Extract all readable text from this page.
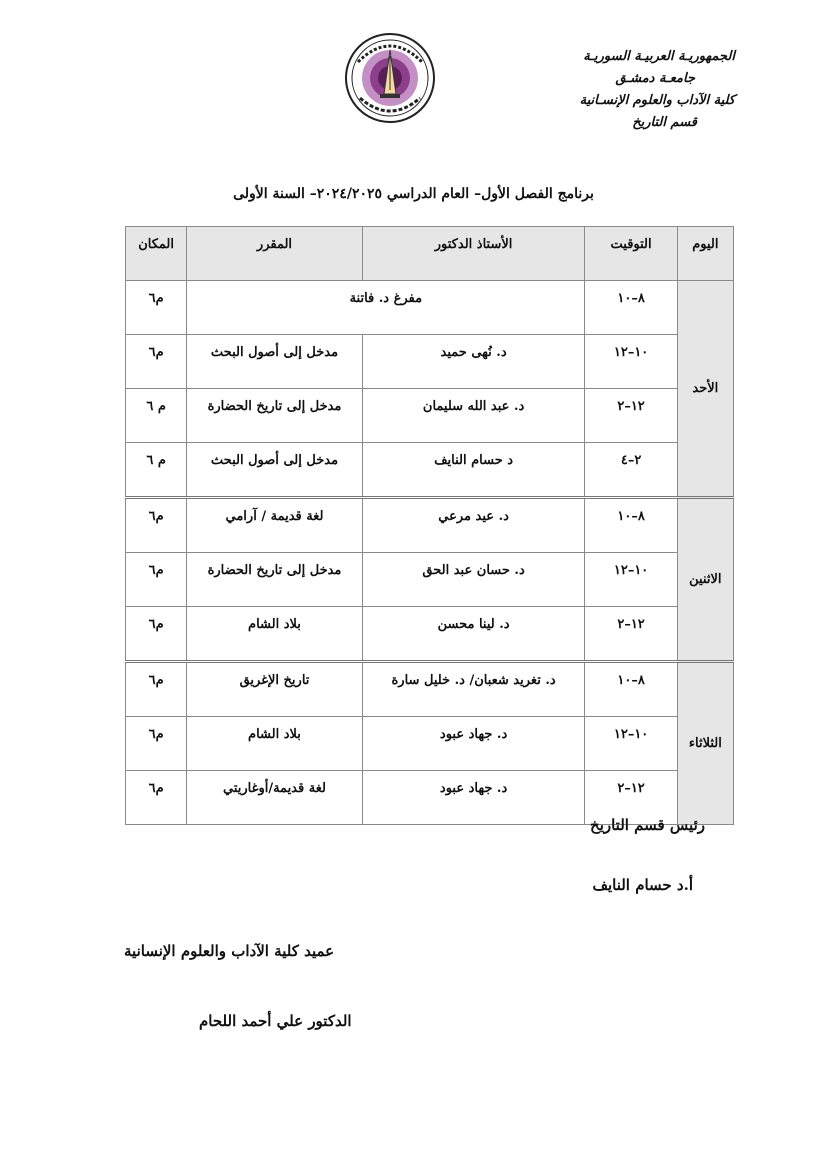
الجمهوريـة العربيـة السوريـة
جامعـة دمشـق
كلية الآداب والعلوم الإنسـانية
قسم التاريخ
برنامج الفصل الأول– العام الدراسي ٢٠٢٤/٢٠٢٥– السنة الأولى
اليوم	التوقيت	الأستاذ الدكتور	المقرر	المكان
الأحد	٨–١٠	مفرغ د. فاتنة		م٦
	١٠–١٢	د. نُهى حميد	مدخل إلى أصول البحث	م٦
	١٢–٢	د. عبد الله سليمان	مدخل إلى تاريخ الحضارة	م ٦
	٢–٤	د حسام النايف	مدخل إلى أصول البحث	م ٦
الاثنين	٨–١٠	د. عيد مرعي	لغة قديمة / آرامي	م٦
	١٠–١٢	د. حسان عبد الحق	مدخل إلى تاريخ الحضارة	م٦
	١٢–٢	د. لينا محسن	بلاد الشام	م٦
الثلاثاء	٨–١٠	د. تغريد شعبان/ د. خليل سارة	تاريخ الإغريق	م٦
	١٠–١٢	د. جهاد عبود	بلاد الشام	م٦
	١٢–٢	د. جهاد عبود	لغة قديمة/أوغاريتي	م٦
رئيس قسم التاريخ
أ.د حسام النايف
عميد كلية الآداب والعلوم الإنسانية
الدكتور علي أحمد اللحام
